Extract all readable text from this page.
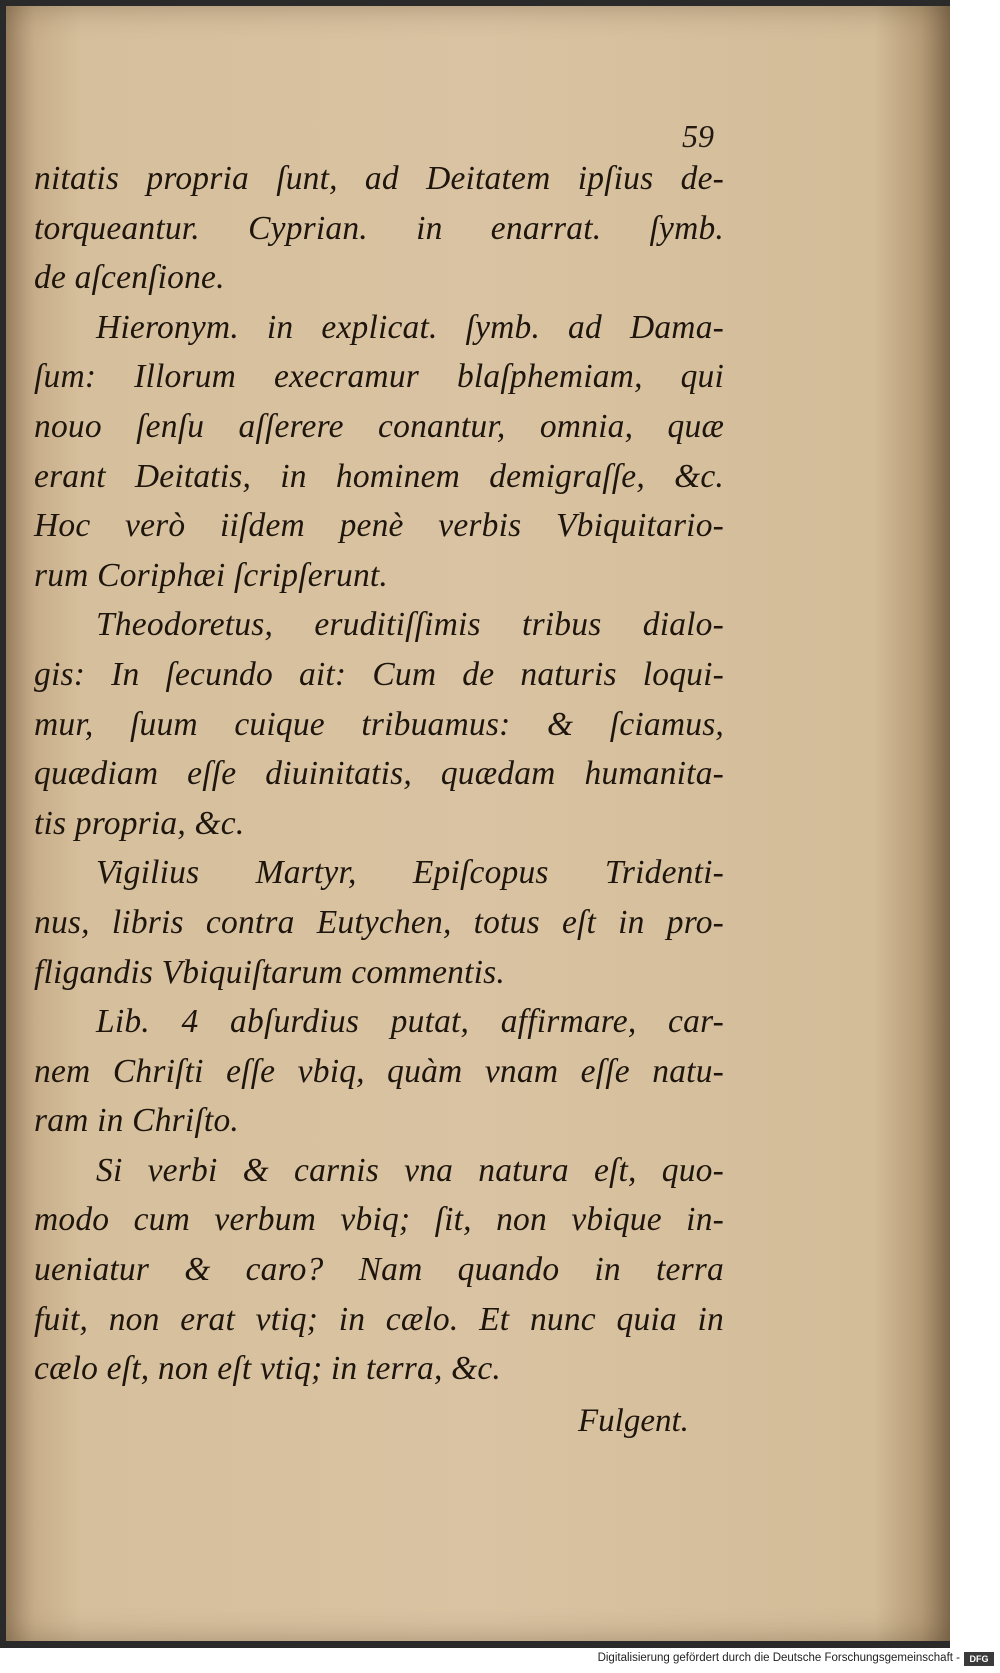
59
nitatis propria ſunt, ad Deitatem ipſius de-
torqueantur. Cyprian. in enarrat. ſymb.
de aſcenſione.
Hieronym. in explicat. ſymb. ad Dama-
ſum: Illorum execramur blaſphemiam, qui
nouo ſenſu aſſerere conantur, omnia, quæ
erant Deitatis, in hominem demigraſſe, &c.
Hoc verò iiſdem penè verbis Vbiquitario-
rum Coriphæi ſcripſerunt.
Theodoretus, eruditiſſimis tribus dialo-
gis: In ſecundo ait: Cum de naturis loqui-
mur, ſuum cuique tribuamus: & ſciamus,
quædiam eſſe diuinitatis, quædam humanita-
tis propria, &c.
Vigilius Martyr, Epiſcopus Tridenti-
nus, libris contra Eutychen, totus eſt in pro-
fligandis Vbiquiſtarum commentis.
Lib. 4 abſurdius putat, affirmare, car-
nem Chriſti eſſe vbiq, quàm vnam eſſe natu-
ram in Chriſto.
Si verbi & carnis vna natura eſt, quo-
modo cum verbum vbiq; ſit, non vbique in-
ueniatur & caro? Nam quando in terra
fuit, non erat vtiq; in cælo. Et nunc quia in
cælo eſt, non eſt vtiq; in terra, &c.
Fulgent.
Digitalisierung gefördert durch die Deutsche Forschungsgemeinschaft -	DFG
